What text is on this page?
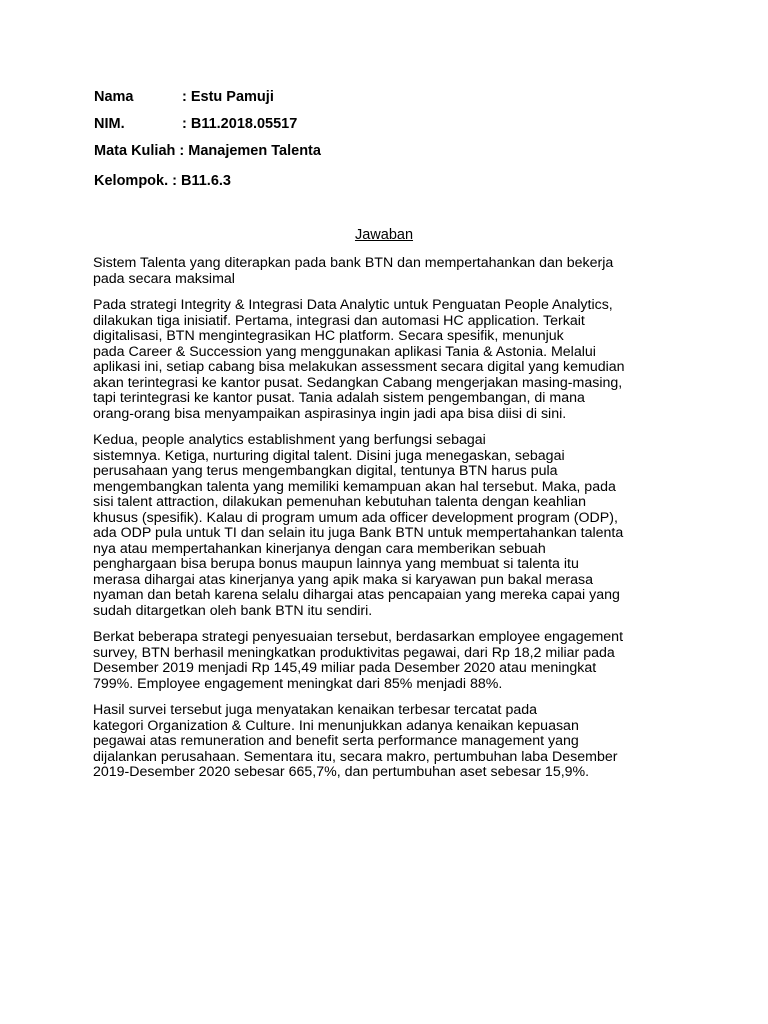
Nama	: Estu Pamuji
NIM.	: B11.2018.05517
Mata Kuliah : Manajemen Talenta
Kelompok. : B11.6.3
Jawaban

Sistem Talenta yang diterapkan pada bank BTN dan mempertahankan dan bekerja
pada secara maksimal

Pada strategi Integrity & Integrasi Data Analytic untuk Penguatan People Analytics,
dilakukan tiga inisiatif. Pertama, integrasi dan automasi HC application. Terkait
digitalisasi, BTN mengintegrasikan HC platform. Secara spesifik, menunjuk
pada Career & Succession yang menggunakan aplikasi Tania & Astonia. Melalui
aplikasi ini, setiap cabang bisa melakukan assessment secara digital yang kemudian
akan terintegrasi ke kantor pusat. Sedangkan Cabang mengerjakan masing-masing,
tapi terintegrasi ke kantor pusat. Tania adalah sistem pengembangan, di mana
orang-orang bisa menyampaikan aspirasinya ingin jadi apa bisa diisi di sini.

Kedua, people analytics establishment yang berfungsi sebagai
sistemnya. Ketiga, nurturing digital talent. Disini juga menegaskan, sebagai
perusahaan yang terus mengembangkan digital, tentunya BTN harus pula
mengembangkan talenta yang memiliki kemampuan akan hal tersebut. Maka, pada
sisi talent attraction, dilakukan pemenuhan kebutuhan talenta dengan keahlian
khusus (spesifik). Kalau di program umum ada officer development program (ODP),
ada ODP pula untuk TI dan selain itu juga Bank BTN untuk mempertahankan talenta
nya atau mempertahankan kinerjanya dengan cara memberikan sebuah
penghargaan bisa berupa bonus maupun lainnya yang membuat si talenta itu
merasa dihargai atas kinerjanya yang apik maka si karyawan pun bakal merasa
nyaman dan betah karena selalu dihargai atas pencapaian yang mereka capai yang
sudah ditargetkan oleh bank BTN itu sendiri.

Berkat beberapa strategi penyesuaian tersebut, berdasarkan employee engagement
survey, BTN berhasil meningkatkan produktivitas pegawai, dari Rp 18,2 miliar pada
Desember 2019 menjadi Rp 145,49 miliar pada Desember 2020 atau meningkat
799%. Employee engagement meningkat dari 85% menjadi 88%.

Hasil survei tersebut juga menyatakan kenaikan terbesar tercatat pada
kategori Organization & Culture. Ini menunjukkan adanya kenaikan kepuasan
pegawai atas remuneration and benefit serta performance management yang
dijalankan perusahaan. Sementara itu, secara makro, pertumbuhan laba Desember
2019-Desember 2020 sebesar 665,7%, dan pertumbuhan aset sebesar 15,9%.
